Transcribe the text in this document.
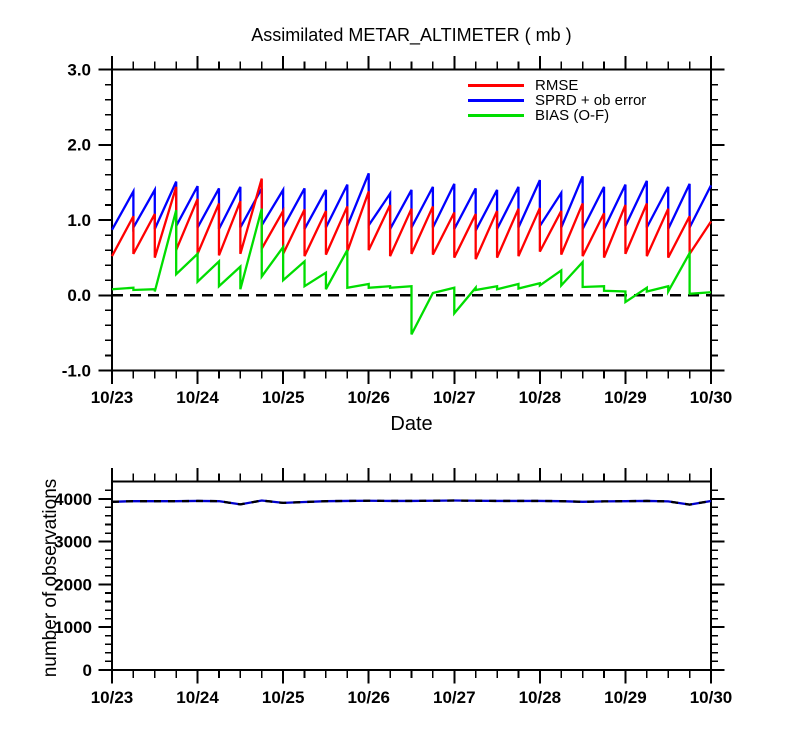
Assimilated METAR_ALTIMETER ( mb )
RMSE
SPRD + ob error
BIAS (O-F)
3.0
2.0
1.0
0.0
-1.0
10/23	10/24	10/25	10/26	10/27	10/28	10/29	10/30
Date
0
1000
2000
3000
4000
10/23	10/24	10/25	10/26	10/27	10/28	10/29	10/30
number of observations
